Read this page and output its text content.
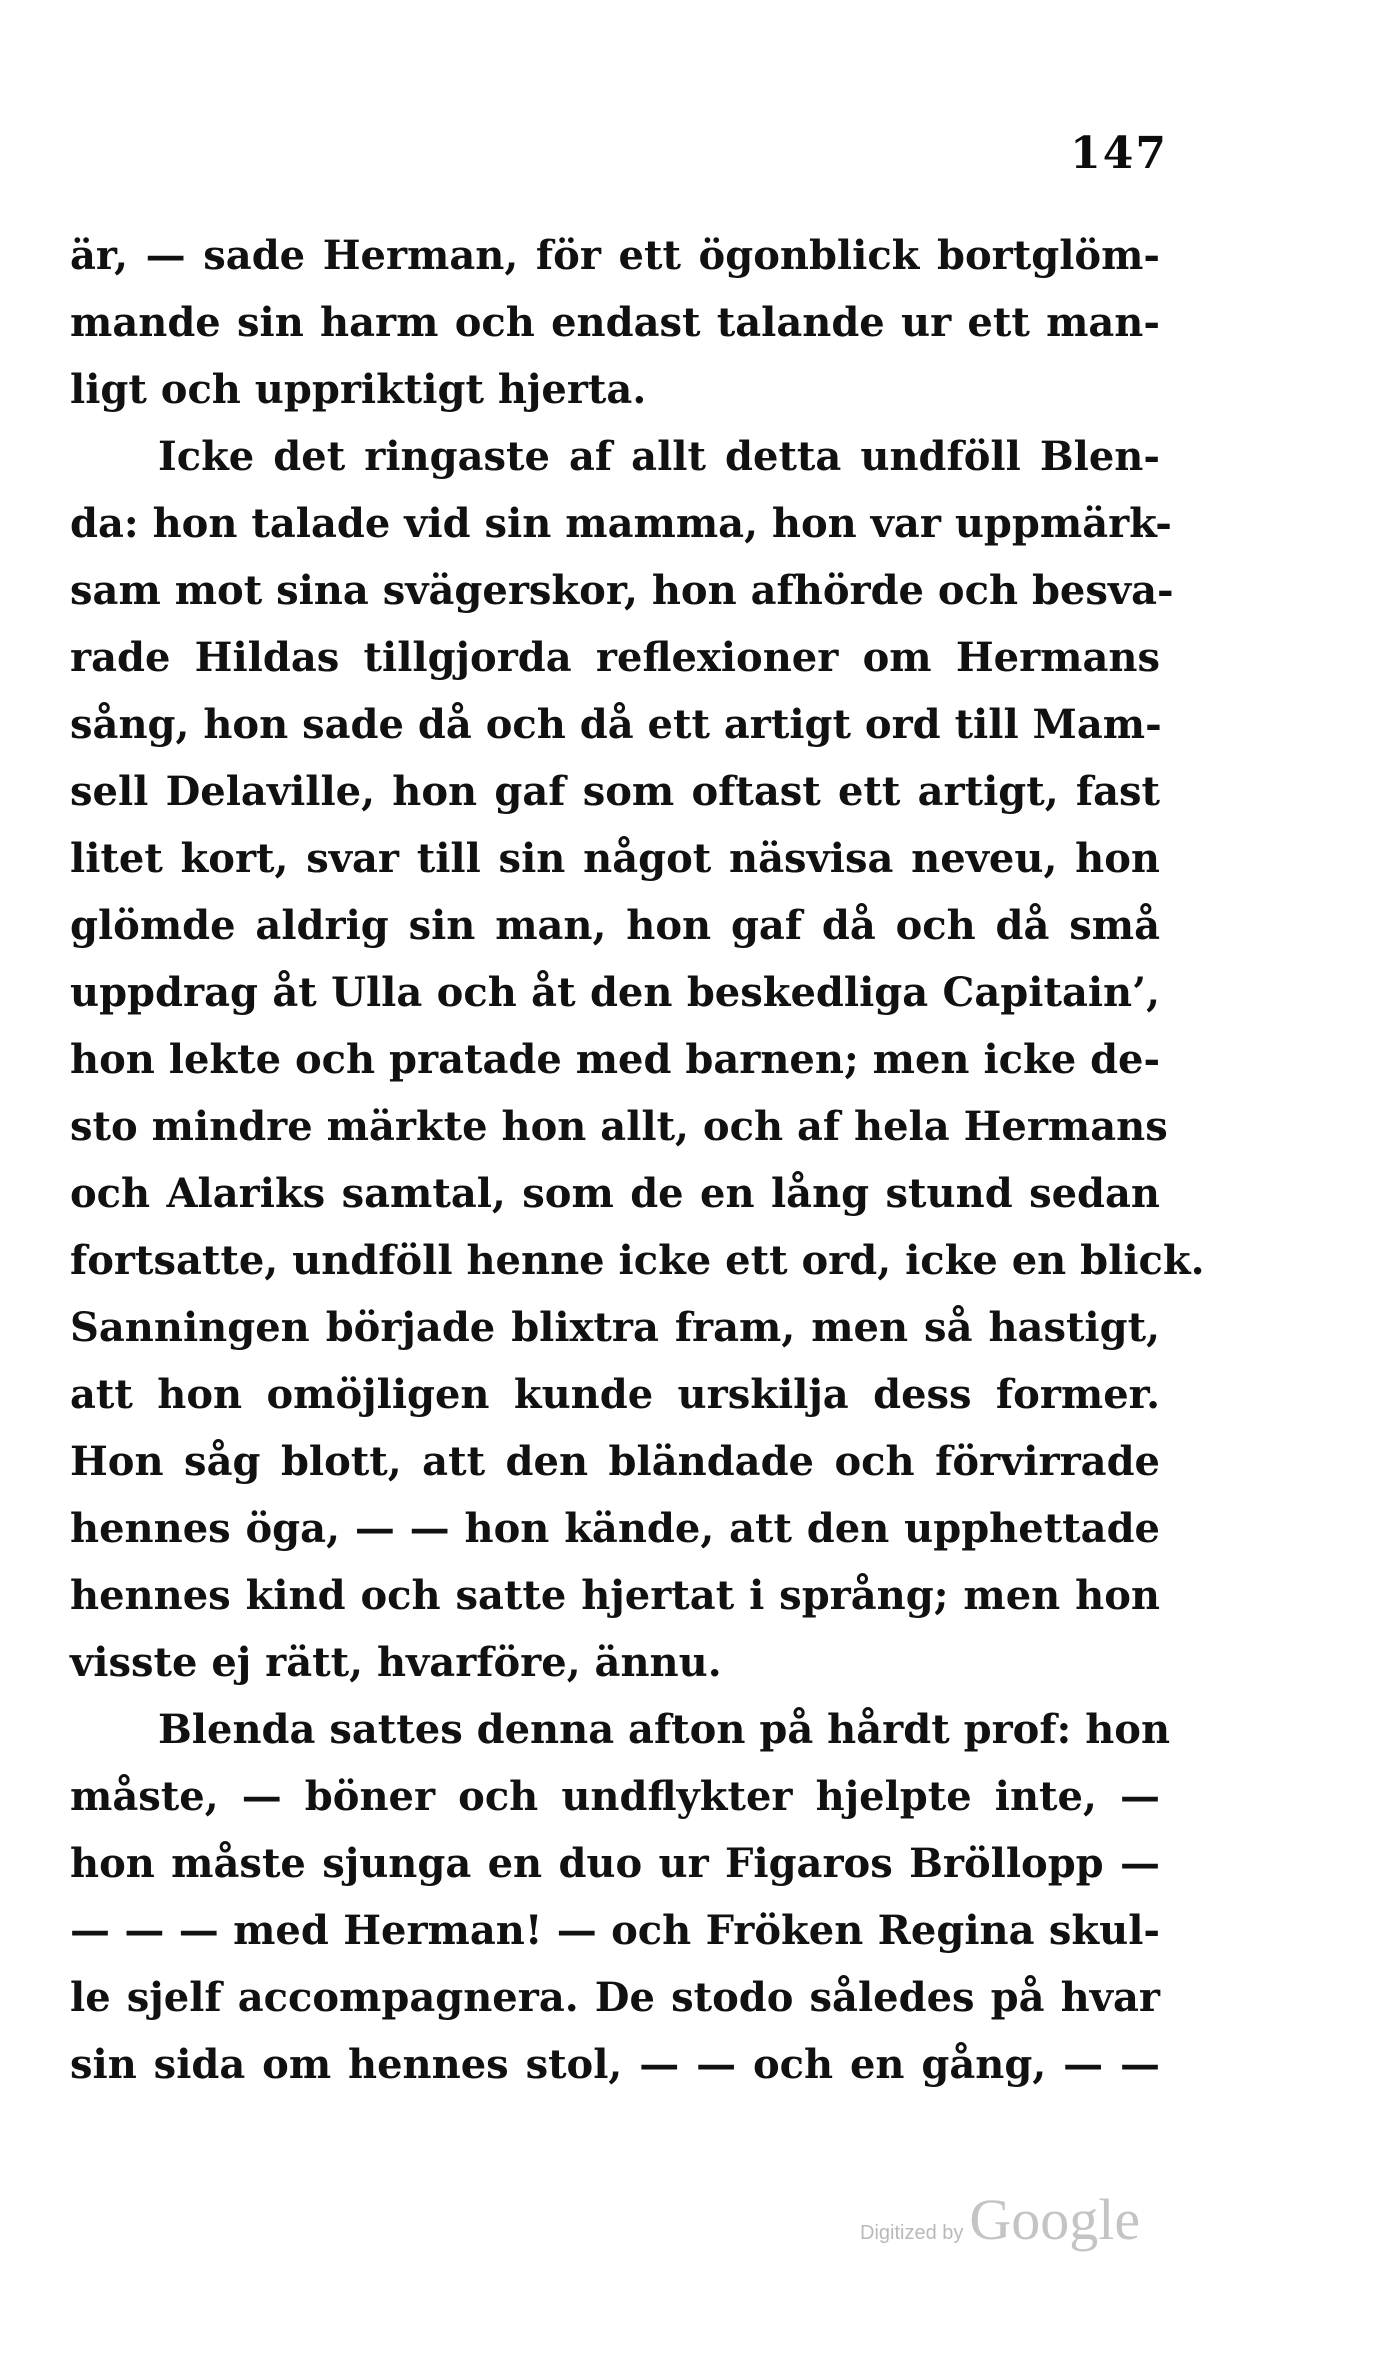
147
är, — sade Herman, för ett ögonblick bortglöm-
mande sin harm och endast talande ur ett man-
ligt och uppriktigt hjerta.
Icke det ringaste af allt detta undföll Blen-
da: hon talade vid sin mamma, hon var uppmärk-
sam mot sina svägerskor, hon afhörde och besva-
rade Hildas tillgjorda reflexioner om Hermans
sång, hon sade då och då ett artigt ord till Mam-
sell Delaville, hon gaf som oftast ett artigt, fast
litet kort, svar till sin något näsvisa neveu, hon
glömde aldrig sin man, hon gaf då och då små
uppdrag åt Ulla och åt den beskedliga Capitain’,
hon lekte och pratade med barnen; men icke de-
sto mindre märkte hon allt, och af hela Hermans
och Alariks samtal, som de en lång stund sedan
fortsatte, undföll henne icke ett ord, icke en blick.
Sanningen började blixtra fram, men så hastigt,
att hon omöjligen kunde urskilja dess former.
Hon såg blott, att den bländade och förvirrade
hennes öga, — — hon kände, att den upphettade
hennes kind och satte hjertat i språng; men hon
visste ej rätt, hvarföre, ännu.
Blenda sattes denna afton på hårdt prof: hon
måste, — böner och undflykter hjelpte inte, —
hon måste sjunga en duo ur Figaros Bröllopp —
— — — med Herman! — och Fröken Regina skul-
le sjelf accompagnera. De stodo således på hvar
sin sida om hennes stol, — — och en gång, — —
Digitized by Google
